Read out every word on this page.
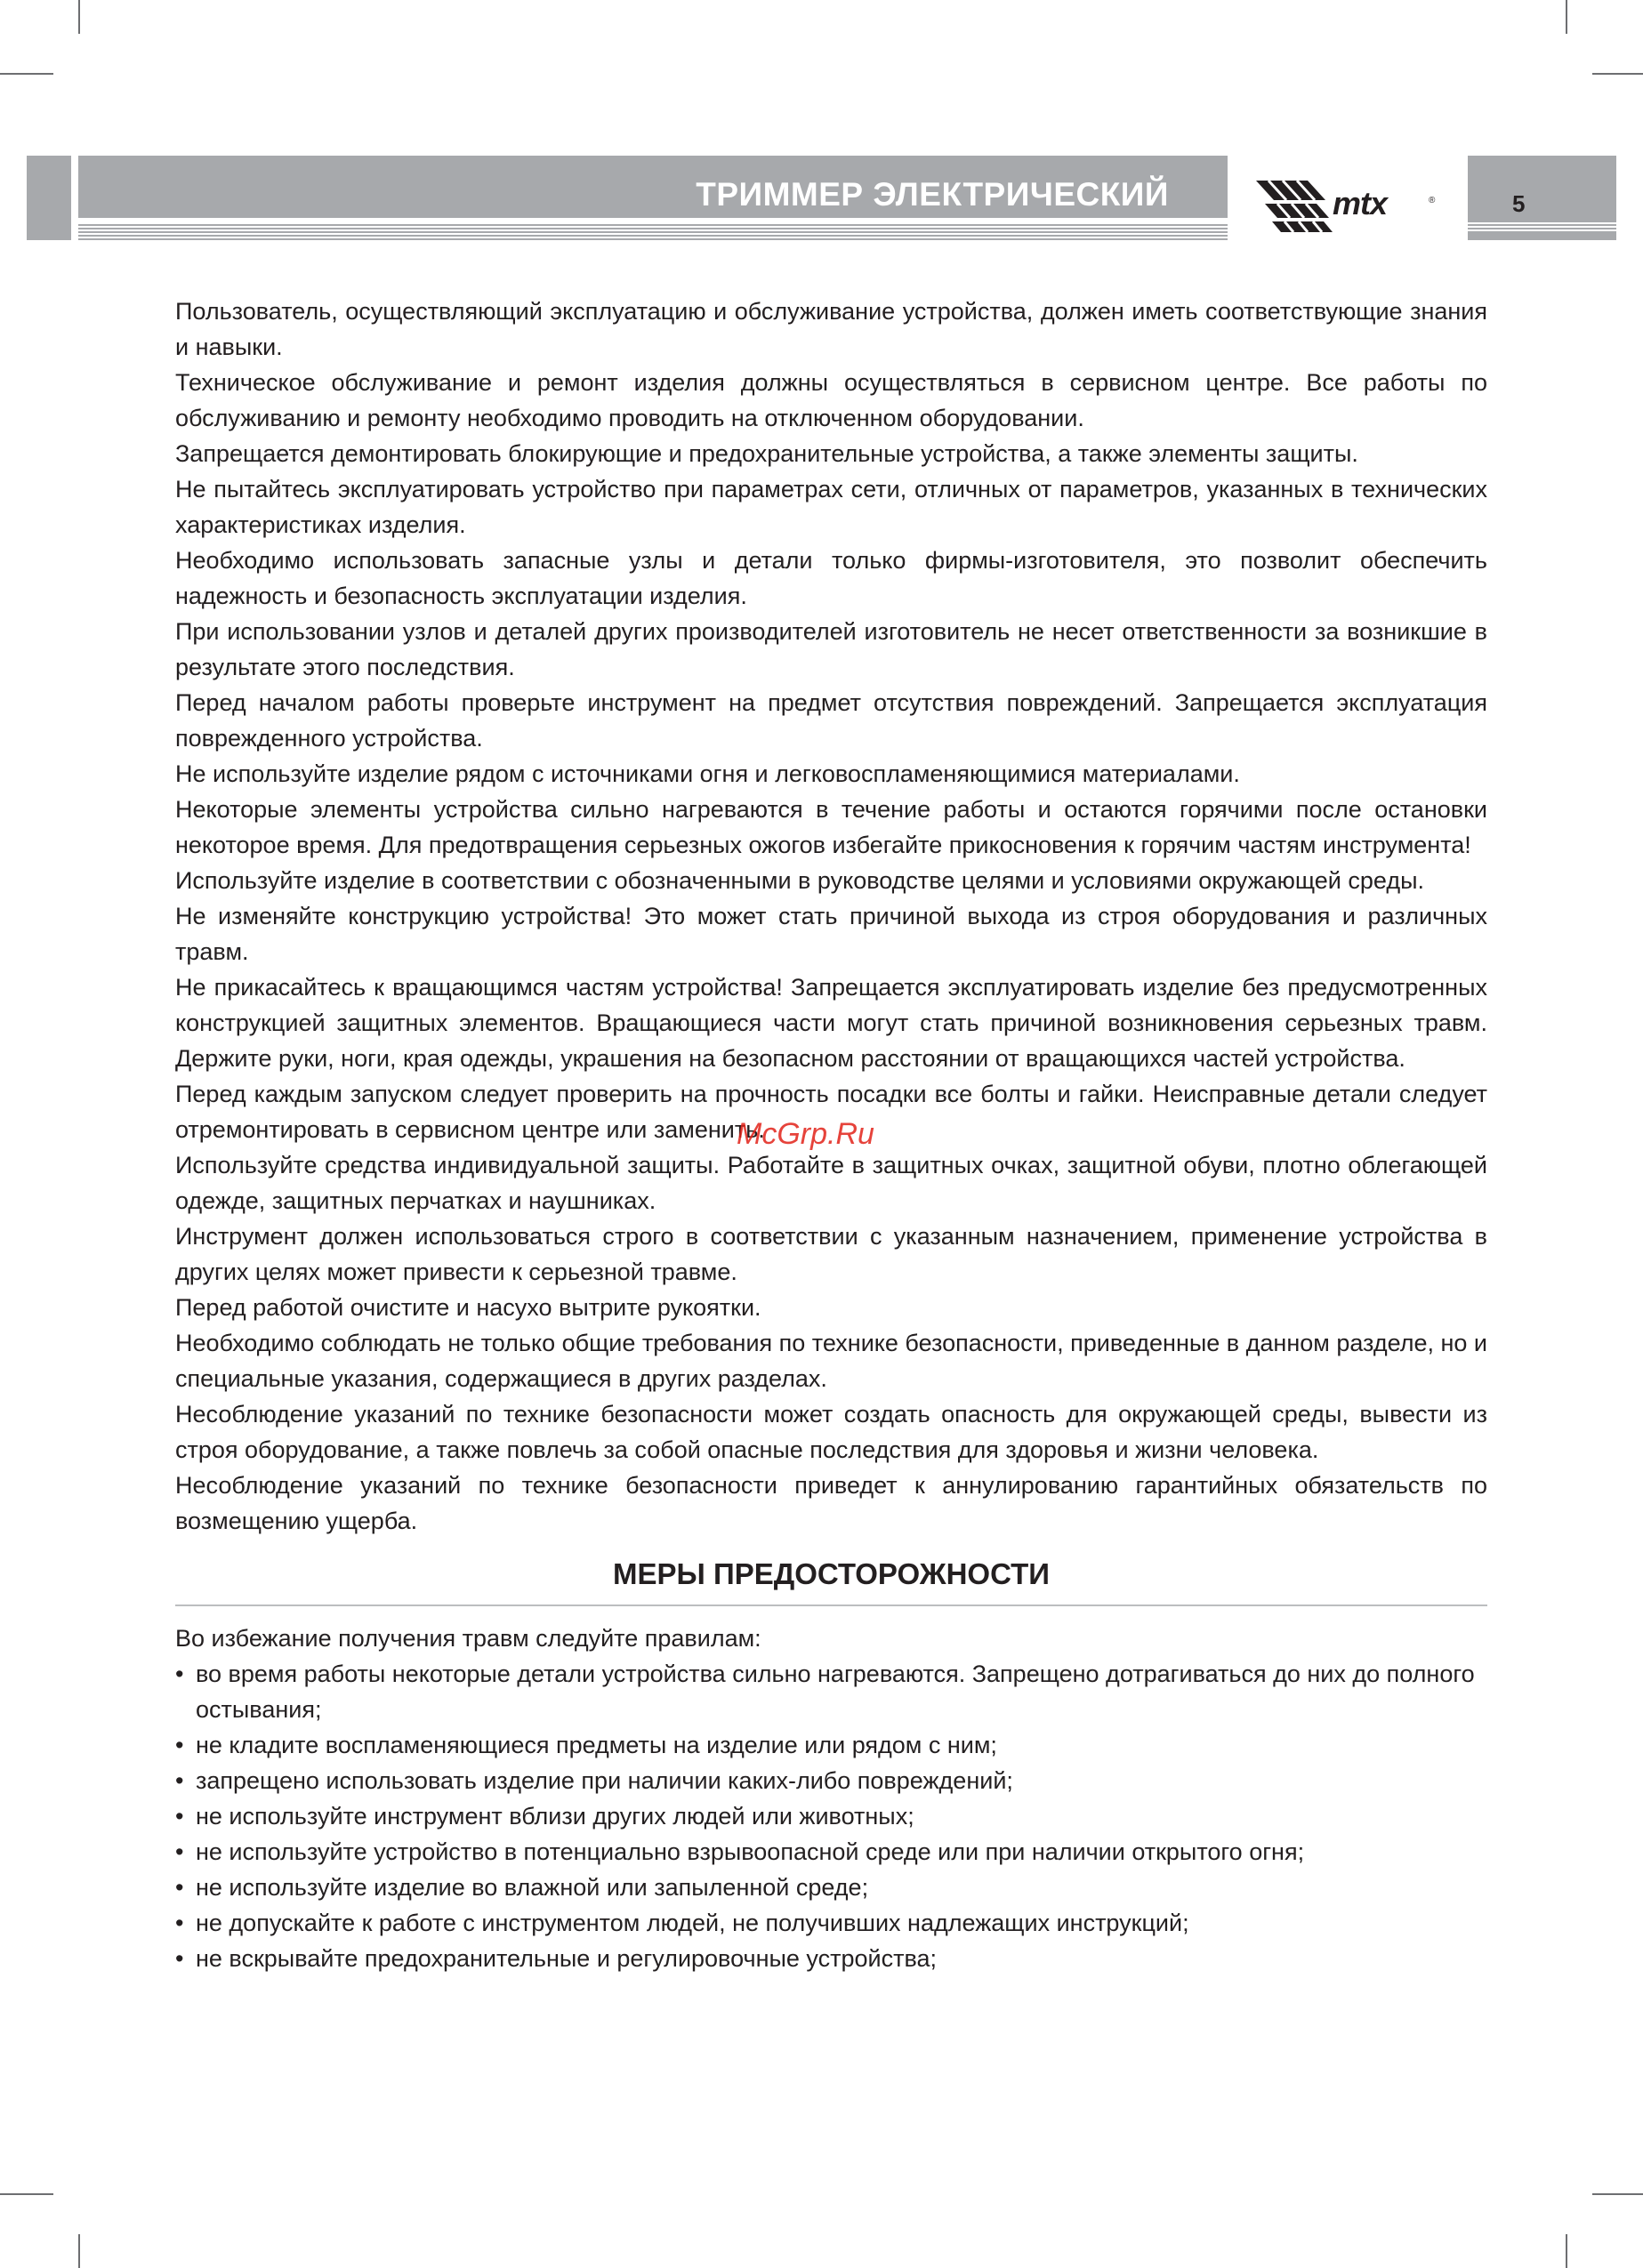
ТРИММЕР ЭЛЕКТРИЧЕСКИЙ	mtx	®	5

Пользователь, осуществляющий эксплуатацию и обслуживание устройства, должен иметь соответствующие знания и навыки.

Техническое обслуживание и ремонт изделия должны осуществляться в сервисном центре. Все работы по обслуживанию и ремонту необходимо проводить на отключенном оборудовании.

Запрещается демонтировать блокирующие и предохранительные устройства, а также элементы защиты.

Не пытайтесь эксплуатировать устройство при параметрах сети, отличных от параметров, указанных в технических характеристиках изделия.

Необходимо использовать запасные узлы и детали только фирмы-изготовителя, это позволит обеспечить надежность и безопасность эксплуатации изделия.

При использовании узлов и деталей других производителей изготовитель не несет ответственности за возникшие в результате этого последствия.

Перед началом работы проверьте инструмент на предмет отсутствия повреждений. Запрещается эксплуатация поврежденного устройства.

Не используйте изделие рядом с источниками огня и легковоспламеняющимися материалами.

Некоторые элементы устройства сильно нагреваются в течение работы и остаются горячими после остановки некоторое время. Для предотвращения серьезных ожогов избегайте прикосновения к горячим частям инструмента!

Используйте изделие в соответствии с обозначенными в руководстве целями и условиями окружающей среды.

Не изменяйте конструкцию устройства! Это может стать причиной выхода из строя оборудования и различных травм.

Не прикасайтесь к вращающимся частям устройства! Запрещается эксплуатировать изделие без предусмотренных конструкцией защитных элементов. Вращающиеся части могут стать причиной возникновения серьезных травм. Держите руки, ноги, края одежды, украшения на безопасном расстоянии от вращающихся частей устройства.

Перед каждым запуском следует проверить на прочность посадки все болты и гайки. Неисправные детали следует отремонтировать в сервисном центре или заменить.

Используйте средства индивидуальной защиты. Работайте в защитных очках, защитной обуви, плотно облегающей одежде, защитных перчатках и наушниках.

Инструмент должен использоваться строго в соответствии с указанным назначением, применение устройства в других целях может привести к серьезной травме.

Перед работой очистите и насухо вытрите рукоятки.

Необходимо соблюдать не только общие требования по технике безопасности, приведенные в данном разделе, но и специальные указания, содержащиеся в других разделах.

Несоблюдение указаний по технике безопасности может создать опасность для окружающей среды, вывести из строя оборудование, а также повлечь за собой опасные последствия для здоровья и жизни человека.

Несоблюдение указаний по технике безопасности приведет к аннулированию гарантийных обязательств по возмещению ущерба.

МЕРЫ ПРЕДОСТОРОЖНОСТИ

Во избежание получения травм следуйте правилам:

• во время работы некоторые детали устройства сильно нагреваются. Запрещено дотрагиваться до них до полного остывания;
• не кладите воспламеняющиеся предметы на изделие или рядом с ним;
• запрещено использовать изделие при наличии каких-либо повреждений;
• не используйте инструмент вблизи других людей или животных;
• не используйте устройство в потенциально взрывоопасной среде или при наличии открытого огня;
• не используйте изделие во влажной или запыленной среде;
• не допускайте к работе с инструментом людей, не получивших надлежащих инструкций;
• не вскрывайте предохранительные и регулировочные устройства;
McGrp.Ru
